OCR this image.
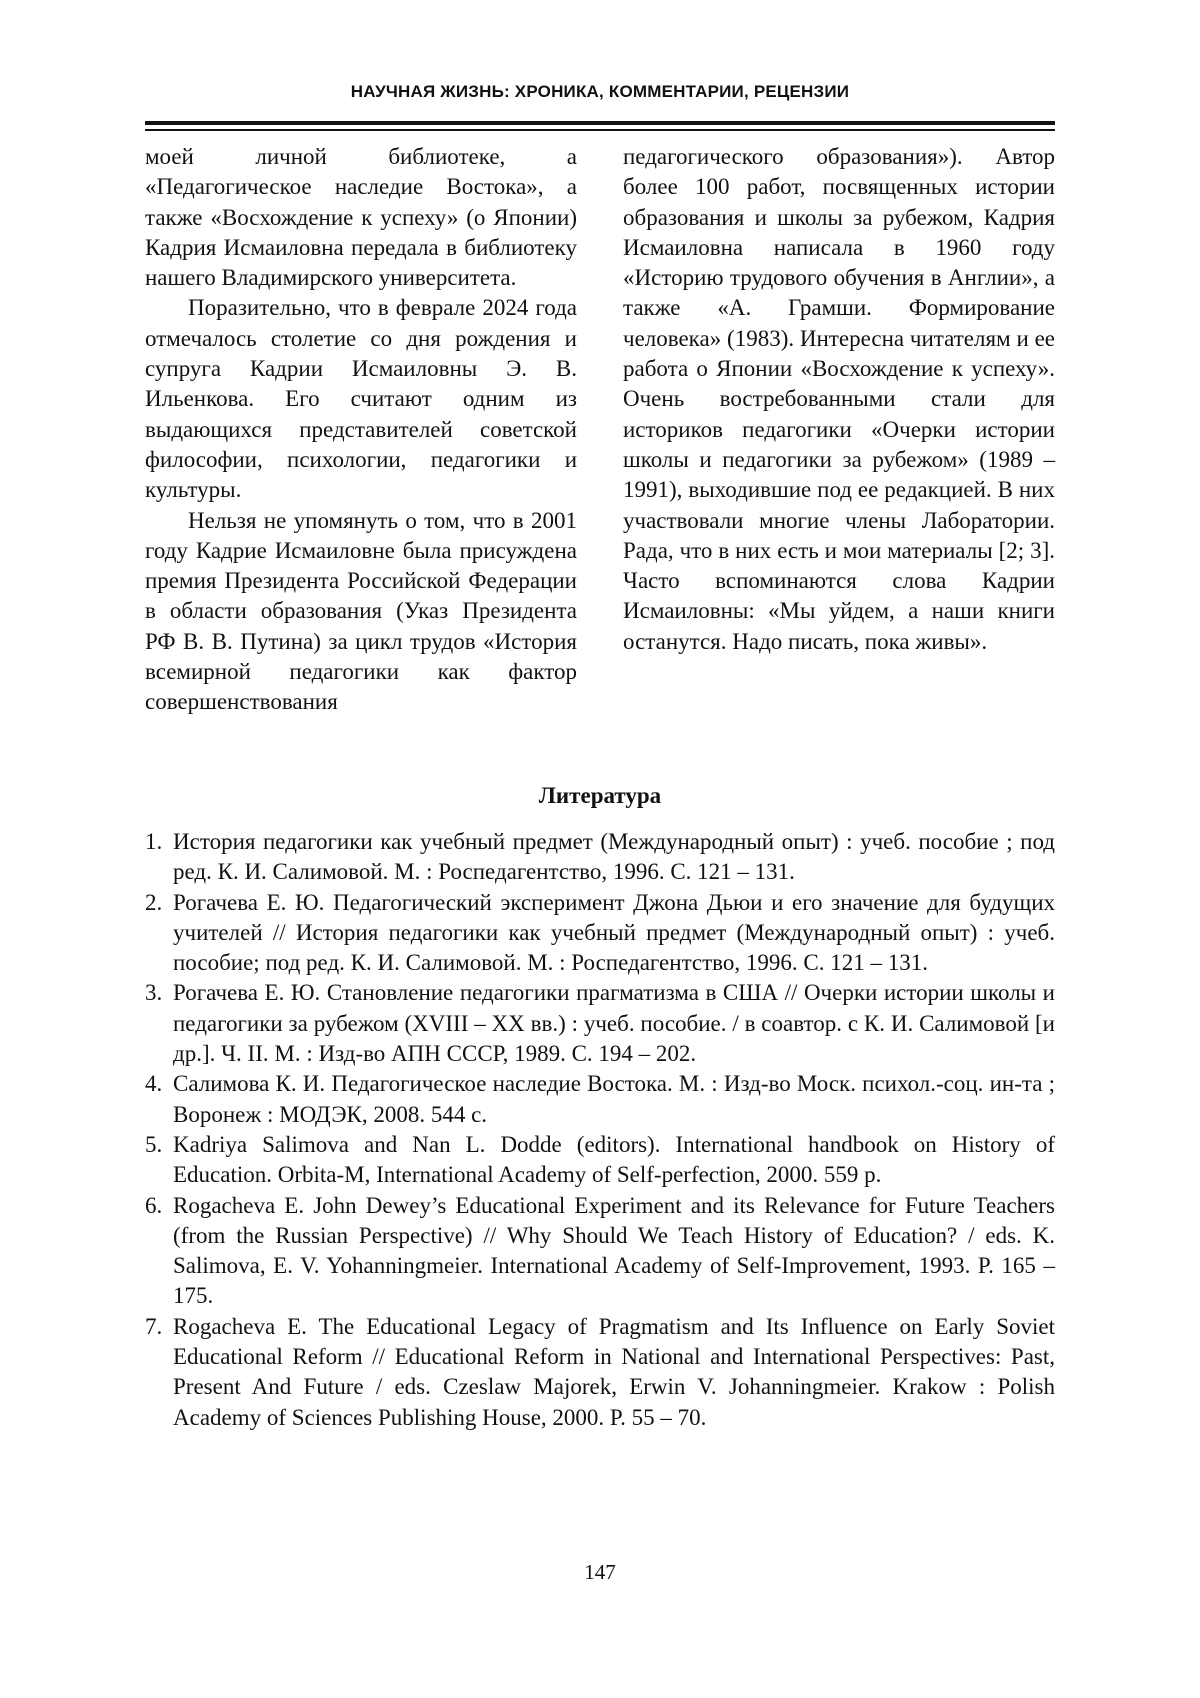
НАУЧНАЯ ЖИЗНЬ: ХРОНИКА, КОММЕНТАРИИ, РЕЦЕНЗИИ

моей личной библиотеке, а «Педагогическое наследие Востока», а также «Восхождение к успеху» (о Японии) Кадрия Исмаиловна передала в библиотеку нашего Владимирского университета.

Поразительно, что в феврале 2024 года отмечалось столетие со дня рождения и супруга Кадрии Исмаиловны Э. В. Ильенкова. Его считают одним из выдающихся представителей советской философии, психологии, педагогики и культуры.

Нельзя не упомянуть о том, что в 2001 году Кадрие Исмаиловне была присуждена премия Президента Российской Федерации в области образования (Указ Президента РФ В. В. Путина) за цикл трудов «История всемирной педагогики как фактор совершенствования

педагогического образования»). Автор более 100 работ, посвященных истории образования и школы за рубежом, Кадрия Исмаиловна написала в 1960 году «Историю трудового обучения в Англии», а также «А. Грамши. Формирование человека» (1983). Интересна читателям и ее работа о Японии «Восхождение к успеху». Очень востребованными стали для историков педагогики «Очерки истории школы и педагогики за рубежом» (1989 – 1991), выходившие под ее редакцией. В них участвовали многие члены Лаборатории. Рада, что в них есть и мои материалы [2; 3]. Часто вспоминаются слова Кадрии Исмаиловны: «Мы уйдем, а наши книги останутся. Надо писать, пока живы».

Литература
1. История педагогики как учебный предмет (Международный опыт) : учеб. пособие ; под ред. К. И. Салимовой. М. : Роспедагентство, 1996. С. 121 – 131.
2. Рогачева Е. Ю. Педагогический эксперимент Джона Дьюи и его значение для будущих учителей // История педагогики как учебный предмет (Международный опыт) : учеб. пособие; под ред. К. И. Салимовой. М. : Роспедагентство, 1996. С. 121 – 131.
3. Рогачева Е. Ю. Становление педагогики прагматизма в США // Очерки истории школы и педагогики за рубежом (XVIII – XX вв.) : учеб. пособие. / в соавтор. с К. И. Салимовой [и др.]. Ч. II. М. : Изд-во АПН СССР, 1989. С. 194 – 202.
4. Салимова К. И. Педагогическое наследие Востока. М. : Изд-во Моск. психол.-соц. ин-та ; Воронеж : МОДЭК, 2008. 544 с.
5. Kadriya Salimova and Nan L. Dodde (editors). International handbook on History of Education. Orbita-M, International Academy of Self-perfection, 2000. 559 p.
6. Rogacheva E. John Dewey’s Educational Experiment and its Relevance for Future Teachers (from the Russian Perspective) // Why Should We Teach History of Education? / eds. K. Salimova, E. V. Yohanningmeier. International Academy of Self-Improvement, 1993. P. 165 – 175.
7. Rogacheva E. The Educational Legacy of Pragmatism and Its Influence on Early Soviet Educational Reform // Educational Reform in National and International Perspectives: Past, Present And Future / eds. Czeslaw Majorek, Erwin V. Johanningmeier. Krakow : Polish Academy of Sciences Publishing House, 2000. P. 55 – 70.
147
